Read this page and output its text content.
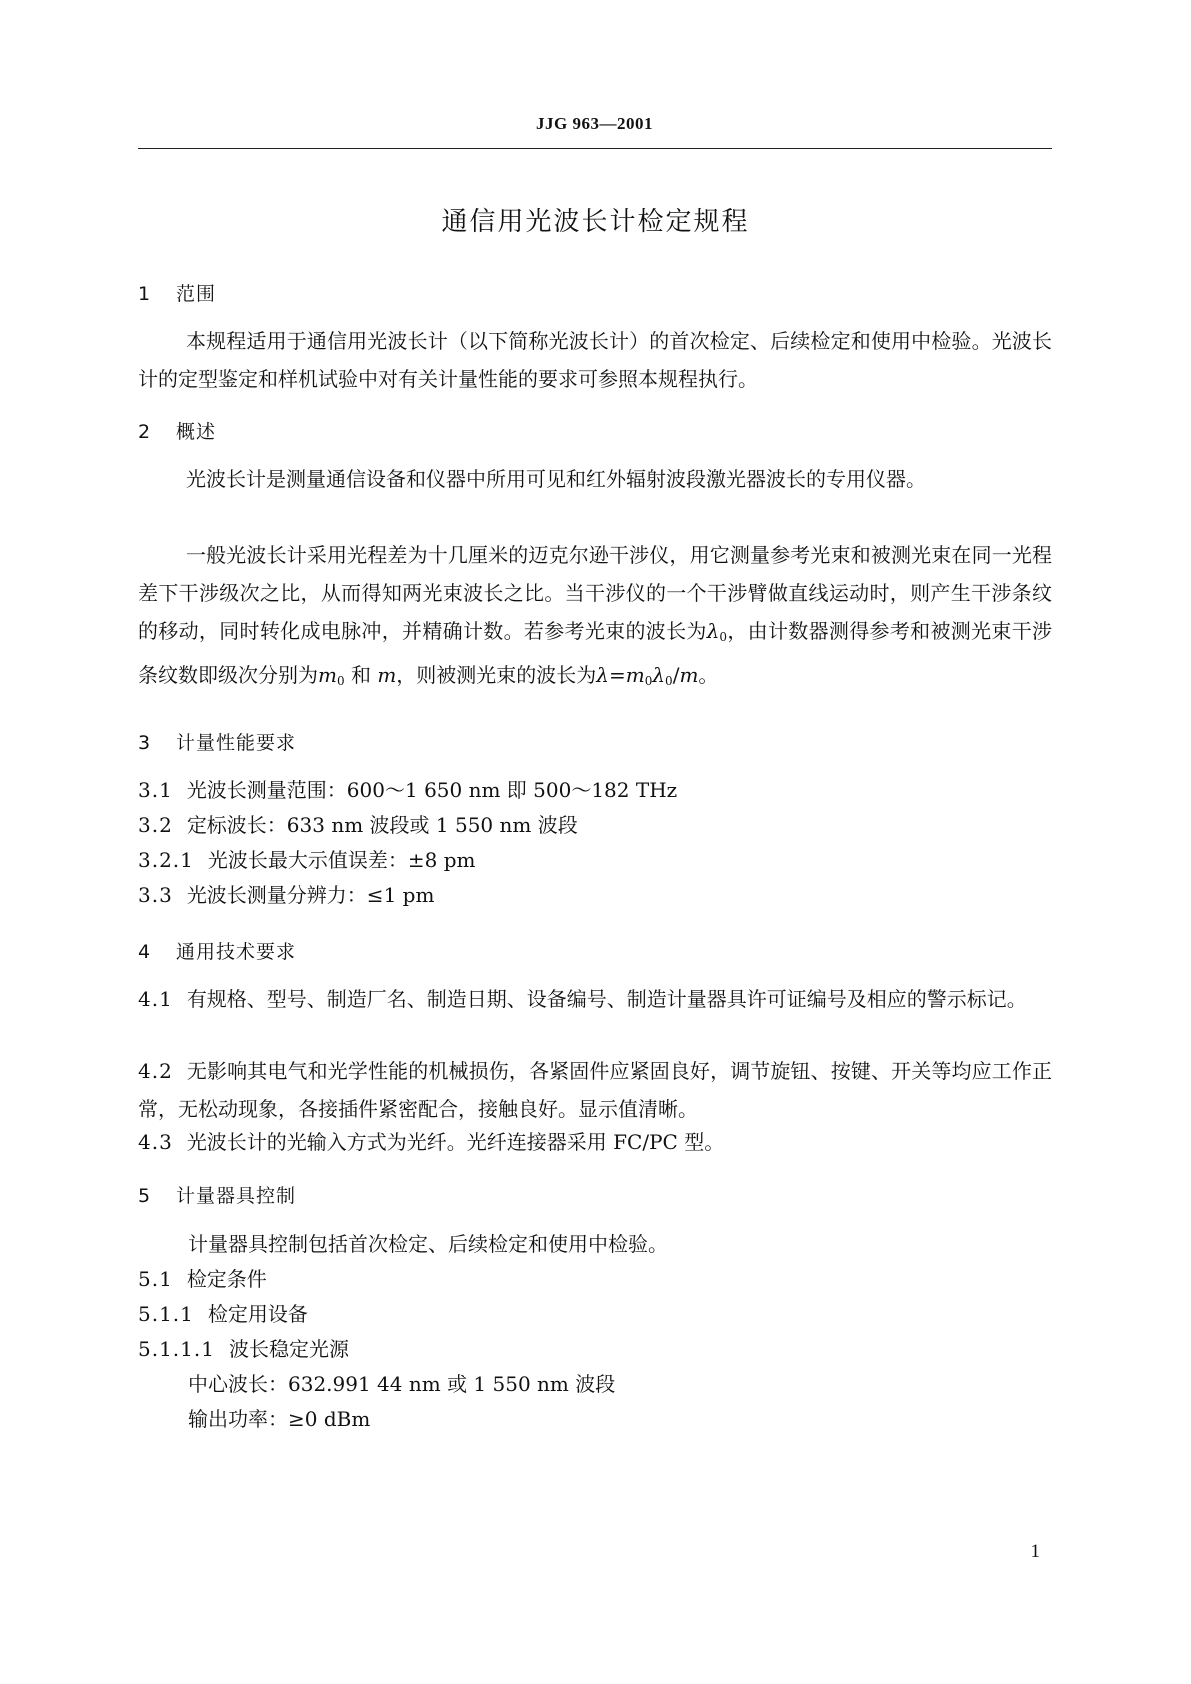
JJG 963—2001
通信用光波长计检定规程
1 范围
本规程适用于通信用光波长计（以下简称光波长计）的首次检定、后续检定和使用中检验。光波长计的定型鉴定和样机试验中对有关计量性能的要求可参照本规程执行。
2 概述
光波长计是测量通信设备和仪器中所用可见和红外辐射波段激光器波长的专用仪器。
一般光波长计采用光程差为十几厘米的迈克尔逊干涉仪，用它测量参考光束和被测光束在同一光程差下干涉级次之比，从而得知两光束波长之比。当干涉仪的一个干涉臂做直线运动时，则产生干涉条纹的移动，同时转化成电脉冲，并精确计数。若参考光束的波长为$\lambda_0$，由计数器测得参考和被测光束干涉条纹数即级次分别为$m_0$ 和 m，则被测光束的波长为$\lambda=m_0\lambda_0/m$。
3 计量性能要求
3.1 光波长测量范围：600～1 650 nm 即 500～182 THz
3.2 定标波长：633 nm 波段或 1 550 nm 波段
3.2.1 光波长最大示值误差：±8 pm
3.3 光波长测量分辨力：≤1 pm
4 通用技术要求
4.1 有规格、型号、制造厂名、制造日期、设备编号、制造计量器具许可证编号及相应的警示标记。
4.2 无影响其电气和光学性能的机械损伤，各紧固件应紧固良好，调节旋钮、按键、开关等均应工作正常，无松动现象，各接插件紧密配合，接触良好。显示值清晰。
4.3 光波长计的光输入方式为光纤。光纤连接器采用 FC/PC 型。
5 计量器具控制
计量器具控制包括首次检定、后续检定和使用中检验。
5.1 检定条件
5.1.1 检定用设备
5.1.1.1 波长稳定光源
中心波长：632.991 44 nm 或 1 550 nm 波段
输出功率：≥0 dBm
1
